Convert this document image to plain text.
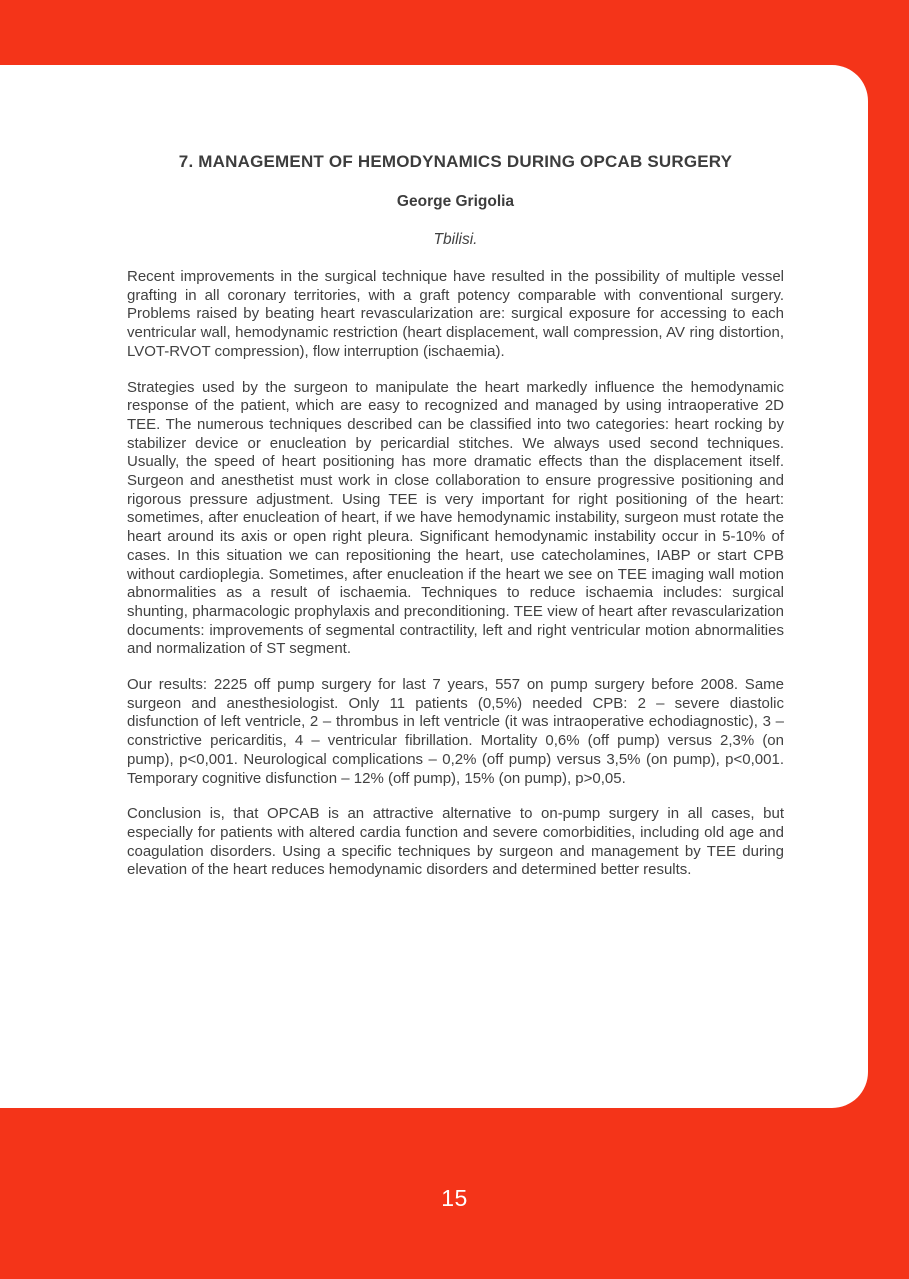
7. MANAGEMENT OF HEMODYNAMICS DURING OPCAB SURGERY

George Grigolia

Tbilisi.

Recent improvements in the surgical technique have resulted in the possibility of multiple vessel grafting in all coronary territories, with a graft potency comparable with conventional surgery. Problems raised by beating heart revascularization are: surgical exposure for accessing to each ventricular wall, hemodynamic restriction (heart displacement, wall compression, AV ring distortion, LVOT-RVOT compression), flow interruption (ischaemia).

Strategies used by the surgeon to manipulate the heart markedly influence the hemodynamic response of the patient, which are easy to recognized and managed by using intraoperative 2D TEE. The numerous techniques described can be classified into two categories: heart rocking by stabilizer device or enucleation by pericardial stitches. We always used second techniques. Usually, the speed of heart positioning has more dramatic effects than the displacement itself. Surgeon and anesthetist must work in close collaboration to ensure progressive positioning and rigorous pressure adjustment. Using TEE is very important for right positioning of the heart: sometimes, after enucleation of heart, if we have hemodynamic instability, surgeon must rotate the heart around its axis or open right pleura. Significant hemodynamic instability occur in 5-10% of cases. In this situation we can repositioning the heart, use catecholamines, IABP or start CPB without cardioplegia. Sometimes, after enucleation if the heart we see on TEE imaging wall motion abnormalities as a result of ischaemia. Techniques to reduce ischaemia includes: surgical shunting, pharmacologic prophylaxis and preconditioning. TEE view of heart after revascularization documents: improvements of segmental contractility, left and right ventricular motion abnormalities and normalization of ST segment.

Our results: 2225 off pump surgery for last 7 years, 557 on pump surgery before 2008. Same surgeon and anesthesiologist. Only 11 patients (0,5%) needed CPB: 2 – severe diastolic disfunction of left ventricle, 2 – thrombus in left ventricle (it was intraoperative echodiagnostic), 3 – constrictive pericarditis, 4 – ventricular fibrillation. Mortality 0,6% (off pump) versus 2,3% (on pump), p<0,001. Neurological complications – 0,2% (off pump) versus 3,5% (on pump), p<0,001. Temporary cognitive disfunction – 12% (off pump), 15% (on pump), p>0,05.

Conclusion is, that OPCAB is an attractive alternative to on-pump surgery in all cases, but especially for patients with altered cardia function and severe comorbidities, including old age and coagulation disorders. Using a specific techniques by surgeon and management by TEE during elevation of the heart reduces hemodynamic disorders and determined better results.

15
